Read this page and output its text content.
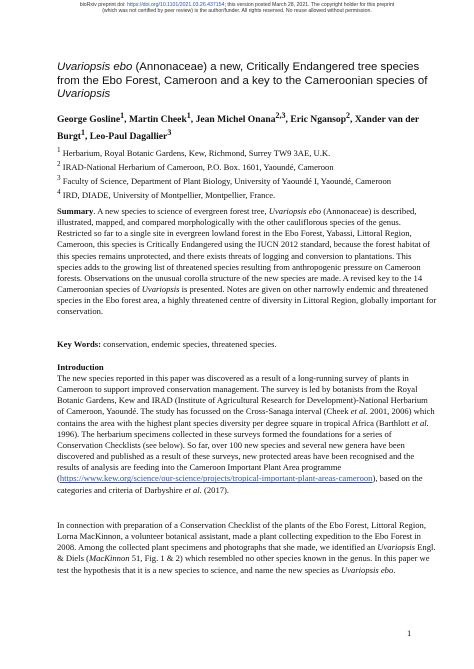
bioRxiv preprint doi: https://doi.org/10.1101/2021.03.26.437154; this version posted March 28, 2021. The copyright holder for this preprint
(which was not certified by peer review) is the author/funder. All rights reserved. No reuse allowed without permission.
Uvariopsis ebo (Annonaceae) a new, Critically Endangered tree species from the Ebo Forest, Cameroon and a key to the Cameroonian species of Uvariopsis
George Gosline$^1$, Martin Cheek$^1$, Jean Michel Onana$^{2,3}$, Eric Ngansop$^2$, Xander van der Burgt$^1$, Leo-Paul Dagallier$^3$
$^1$ Herbarium, Royal Botanic Gardens, Kew, Richmond, Surrey TW9 3AE, U.K.
$^2$ IRAD-National Herbarium of Cameroon, P.O. Box. 1601, Yaoundé, Cameroon
$^3$ Faculty of Science, Department of Plant Biology, University of Yaoundé I, Yaoundé, Cameroon
$^4$ IRD, DIADE, University of Montpellier, Montpellier, France.
Summary. A new species to science of evergreen forest tree, Uvariopsis ebo (Annonaceae) is described, illustrated, mapped, and compared morphologically with the other cauliflorous species of the genus. Restricted so far to a single site in evergreen lowland forest in the Ebo Forest, Yabassi, Littoral Region, Cameroon, this species is Critically Endangered using the IUCN 2012 standard, because the forest habitat of this species remains unprotected, and there exists threats of logging and conversion to plantations. This species adds to the growing list of threatened species resulting from anthropogenic pressure on Cameroon forests. Observations on the unusual corolla structure of the new species are made. A revised key to the 14 Cameroonian species of Uvariopsis is presented. Notes are given on other narrowly endemic and threatened species in the Ebo forest area, a highly threatened centre of diversity in Littoral Region, globally important for conservation.
Key Words: conservation, endemic species, threatened species.
Introduction
The new species reported in this paper was discovered as a result of a long-running survey of plants in Cameroon to support improved conservation management. The survey is led by botanists from the Royal Botanic Gardens, Kew and IRAD (Institute of Agricultural Research for Development)-National Herbarium of Cameroon, Yaoundé. The study has focussed on the Cross-Sanaga interval (Cheek et al. 2001, 2006) which contains the area with the highest plant species diversity per degree square in tropical Africa (Barthlott et al. 1996). The herbarium specimens collected in these surveys formed the foundations for a series of Conservation Checklists (see below). So far, over 100 new species and several new genera have been discovered and published as a result of these surveys, new protected areas have been recognised and the results of analysis are feeding into the Cameroon Important Plant Area programme (https://www.kew.org/science/our-science/projects/tropical-important-plant-areas-cameroon), based on the categories and criteria of Darbyshire et al. (2017).
In connection with preparation of a Conservation Checklist of the plants of the Ebo Forest, Littoral Region, Lorna MacKinnon, a volunteer botanical assistant, made a plant collecting expedition to the Ebo Forest in 2008. Among the collected plant specimens and photographs that she made, we identified an Uvariopsis Engl. & Diels (MacKinnon 51, Fig. 1 & 2) which resembled no other species known in the genus. In this paper we test the hypothesis that it is a new species to science, and name the new species as Uvariopsis ebo.
1
